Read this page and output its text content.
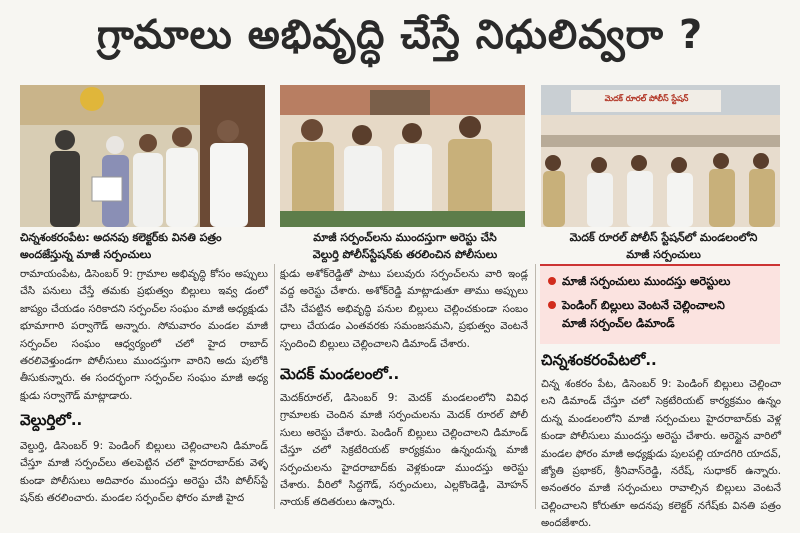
గ్రామాలు అభివృద్ధి చేస్తే నిధులివ్వరా ?
చిన్నశంకరంపేట: అదనపు కలెక్టర్‌కు వినతి పత్రం
అందజేస్తున్న మాజీ సర్పంచులు
మాజీ సర్పంచ్‌లను ముందస్తుగా అరెస్టు చేసి
వెల్దుర్తి పోలీస్‌స్టేషన్‌కు తరలించిన పోలీసులు
మెదక్ రూరల్ పోలీస్ స్టేషన్
మెదక్ రూరల్ పోలీస్ స్టేషన్‌లో మండలంలోని
మాజీ సర్పంచులు
మాజీ సర్పంచులు ముందస్తు అరెస్టులు
పెండింగ్ బిల్లులు వెంటనే చెల్లించాలని
మాజీ సర్పంచ్‌ల డిమాండ్

రామాయంపేట, డిసెంబర్ 9: గ్రామాల అభివృద్ధి కోసం అప్పులు చేసి పనులు చేస్తే తమకు ప్రభుత్వం బిల్లులు ఇవ్వ డంలో జాప్యం చేయడం సరికాదని సర్పంచ్‌ల సంఘం మాజీ అధ్యక్షుడు భూమాగారి పర్వాగౌడ్ అన్నారు. సోమవారం మండల మాజీ సర్పంచ్‌ల సంఘం ఆధ్వర్యంలో చలో హైద రాబాద్ తరలివెళ్తుండగా పోలీసులు ముందస్తుగా వారిని అదు పులోకి తీసుకున్నారు. ఈ సందర్భంగా సర్పంచ్‌ల సంఘం మాజీ అధ్య క్షుడు సర్వాగౌడ్ మాట్లాడారు.

వెల్దుర్తిలో..

వెల్దుర్తి, డిసెంబర్ 9: పెండింగ్ బిల్లులు చెల్లించాలని డిమాండ్ చేస్తూ మాజీ సర్పంచ్‌లు తలపెట్టిన చలో హైదరాబాద్‌కు వెళ్ళ కుండా పోలీసులు అదివారం ముందస్తు అరెస్టు చేసి పోలీస్‌స్టే షన్‌కు తరలించారు. మండల సర్పంచ్‌ల ఫోరం మాజీ హైద

క్షుడు అశోక్‌రెడ్డితో పాటు పలువురు సర్పంచ్‌లను వారి ఇండ్ల వద్ద అరెస్టు చేశారు. అశోక్‌రెడ్డి మాట్లాడుతూ తాము అప్పులు చేసి చేపట్టిన అభివృద్ధి పనుల బిల్లులు చెల్లించకుండా సంబం ధాలు చేయడం ఎంతవరకు సమంజసమని, ప్రభుత్వం వెంటనే స్పందించి బిల్లులు చెల్లించాలని డిమాండ్ చేశారు.

మెదక్ మండలంలో..

మెదక్‌రూరల్, డిసెంబర్ 9: మెదక్ మండలంలోని వివిధ గ్రామాలకు చెందిన మాజీ సర్పంచులను మెదక్ రూరల్ పోలీ సులు అరెస్టు చేశారు. పెండింగ్ బిల్లులు చెల్లించాలని డిమాండ్ చేస్తూ చలో సెక్రటేరియట్ కార్యక్రమం ఉన్నందున్న మాజీ సర్పంచులను హైదరాబాద్‌కు వెళ్లకుండా ముందస్తు అరెస్టు చేశారు. వీరిలో సిద్దగౌడ్, సర్పంచులు, ఎల్లకొండెడ్డి, మోహన్ నాయక్ తదితరులు ఉన్నారు.

చిన్నశంకరంపేటలో..

చిన్న శంకరం పేట, డిసెంబర్ 9: పెండింగ్ బిల్లులు చెల్లించా లని డిమాండ్ చేస్తూ చలో సెక్రటేరియట్ కార్యక్రమం ఉన్నం దున్న మండలంలోని మాజీ సర్పంచులు హైదరాబాద్‌కు వెళ్ల కుండా పోలీసులు ముందస్తు అరెస్టు చేశారు. అరెస్టైన వారిలో మండల ఫోరం మాజీ అధ్యక్షుడు పులపల్లి యాదగిరి యాదవ్, జ్యోతి ప్రభాకర్, శ్రీనివాస్‌రెడ్డి, నరేష్, సుధాకర్ ఉన్నారు. అనంతరం మాజీ సర్పంచులు రావాల్సిన బిల్లులు వెంటనే చెల్లించాలని కోరుతూ అదనపు కలెక్టర్ నగేష్‌కు వినతి పత్రం అందజేశారు.
